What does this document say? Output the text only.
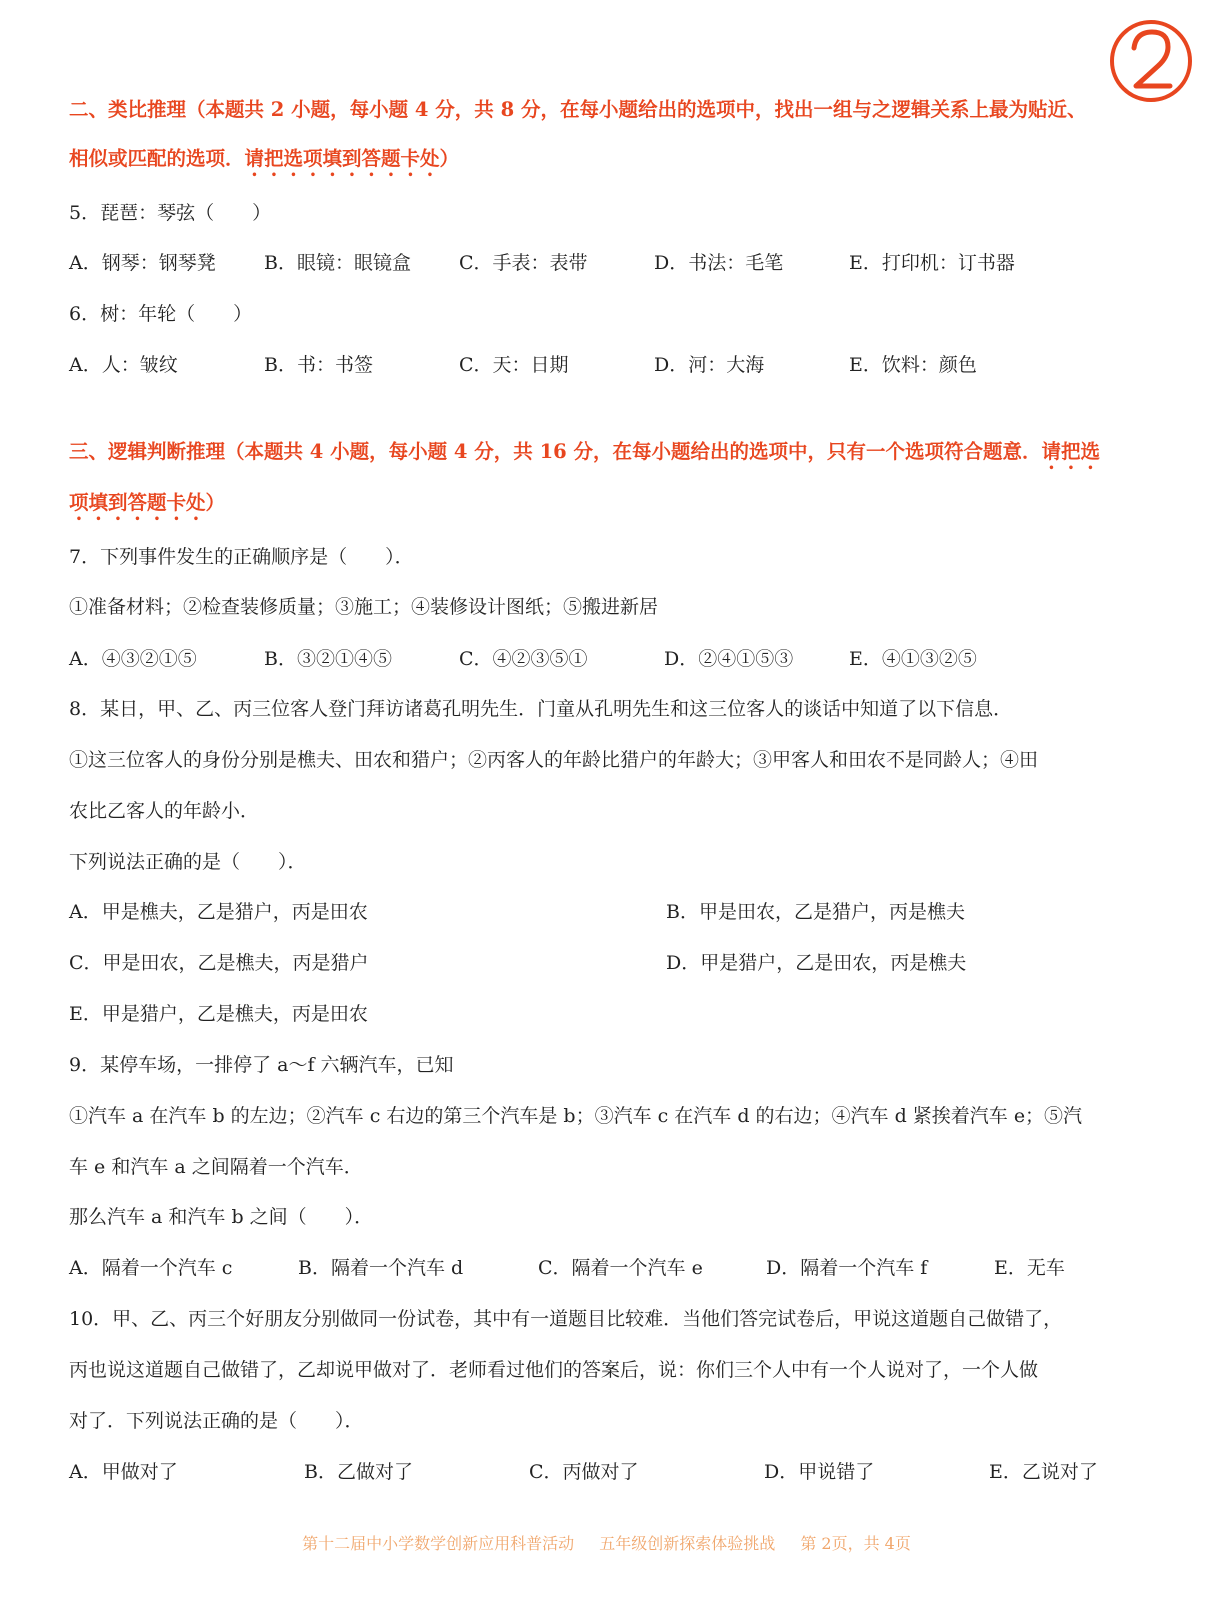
二、类比推理（本题共 2 小题，每小题 4 分，共 8 分，在每小题给出的选项中，找出一组与之逻辑关系上最为贴近、
相似或匹配的选项．请把选项填到答题卡处）
5．琵琶：琴弦（　　）
A．钢琴：钢琴凳	B．眼镜：眼镜盒	C．手表：表带	D．书法：毛笔	E．打印机：订书器
6．树：年轮（　　）
A．人：皱纹	B．书：书签	C．天：日期	D．河：大海	E．饮料：颜色
三、逻辑判断推理（本题共 4 小题，每小题 4 分，共 16 分，在每小题给出的选项中，只有一个选项符合题意．请把选
项填到答题卡处）
7．下列事件发生的正确顺序是（　　）．
①准备材料；②检查装修质量；③施工；④装修设计图纸；⑤搬进新居
A．④③②①⑤	B．③②①④⑤	C．④②③⑤①	D．②④①⑤③	E．④①③②⑤
8．某日，甲、乙、丙三位客人登门拜访诸葛孔明先生．门童从孔明先生和这三位客人的谈话中知道了以下信息．
①这三位客人的身份分别是樵夫、田农和猎户；②丙客人的年龄比猎户的年龄大；③甲客人和田农不是同龄人；④田
农比乙客人的年龄小．
下列说法正确的是（　　）．
A．甲是樵夫，乙是猎户，丙是田农	B．甲是田农，乙是猎户，丙是樵夫
C．甲是田农，乙是樵夫，丙是猎户	D．甲是猎户，乙是田农，丙是樵夫
E．甲是猎户，乙是樵夫，丙是田农
9．某停车场，一排停了 a～f 六辆汽车，已知
①汽车 a 在汽车 b 的左边；②汽车 c 右边的第三个汽车是 b；③汽车 c 在汽车 d 的右边；④汽车 d 紧挨着汽车 e；⑤汽
车 e 和汽车 a 之间隔着一个汽车．
那么汽车 a 和汽车 b 之间（　　）．
A．隔着一个汽车 c	B．隔着一个汽车 d	C．隔着一个汽车 e	D．隔着一个汽车 f	E．无车
10．甲、乙、丙三个好朋友分别做同一份试卷，其中有一道题目比较难．当他们答完试卷后，甲说这道题自己做错了，
丙也说这道题自己做错了，乙却说甲做对了．老师看过他们的答案后，说：你们三个人中有一个人说对了，一个人做
对了．下列说法正确的是（　　）．
A．甲做对了	B．乙做对了	C．丙做对了	D．甲说错了	E．乙说对了
第十二届中小学数学创新应用科普活动 五年级创新探索体验挑战 第 2页，共 4页
